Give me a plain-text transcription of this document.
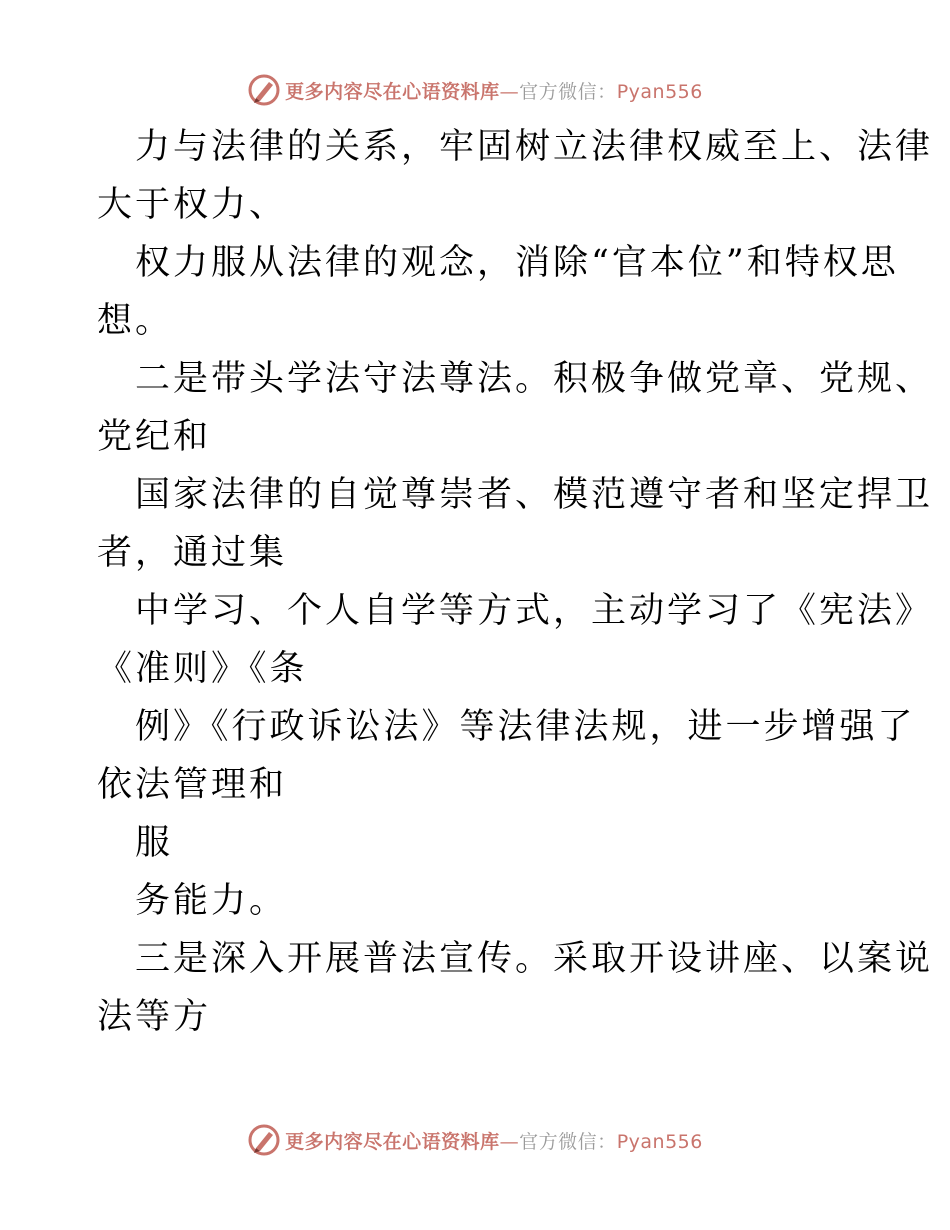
更多内容尽在心语资料库—官方微信：Pyan556
力与法律的关系，牢固树立法律权威至上、法律
大于权力、
权力服从法律的观念，消除“官本位”和特权思
想。
二是带头学法守法尊法。积极争做党章、党规、
党纪和
国家法律的自觉尊崇者、模范遵守者和坚定捍卫
者，通过集
中学习、个人自学等方式，主动学习了《宪法》
《准则》《条
例》《行政诉讼法》等法律法规，进一步增强了
依法管理和
服
务能力。
三是深入开展普法宣传。采取开设讲座、以案说
法等方
更多内容尽在心语资料库—官方微信：Pyan556
